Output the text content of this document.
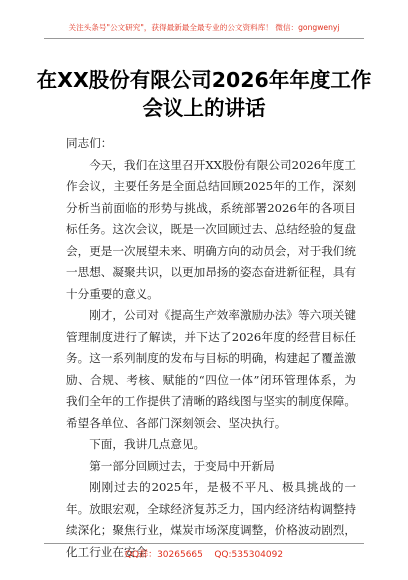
关注头条号"公文研究"，获得最新最全最专业的公文资料库！ 微信：gongwenyj
在XX股份有限公司2026年年度工作会议上的讲话

同志们：

今天，我们在这里召开XX股份有限公司2026年度工作会议，主要任务是全面总结回顾2025年的工作，深刻分析当前面临的形势与挑战，系统部署2026年的各项目标任务。这次会议，既是一次回顾过去、总结经验的复盘会，更是一次展望未来、明确方向的动员会，对于我们统一思想、凝聚共识，以更加昂扬的姿态奋进新征程，具有十分重要的意义。

刚才，公司对《提高生产效率激励办法》等六项关键管理制度进行了解读，并下达了2026年度的经营目标任务。这一系列制度的发布与目标的明确，构建起了覆盖激励、合规、考核、赋能的“四位一体”闭环管理体系，为我们全年的工作提供了清晰的路线图与坚实的制度保障。希望各单位、各部门深刻领会、坚决执行。

下面，我讲几点意见。

第一部分回顾过去，于变局中开新局

刚刚过去的2025年，是极不平凡、极具挑战的一年。放眼宏观，全球经济复苏乏力，国内经济结构调整持续深化；聚焦行业，煤炭市场深度调整，价格波动剧烈，化工行业在安全

QQ群：30265665 QQ:535304092
